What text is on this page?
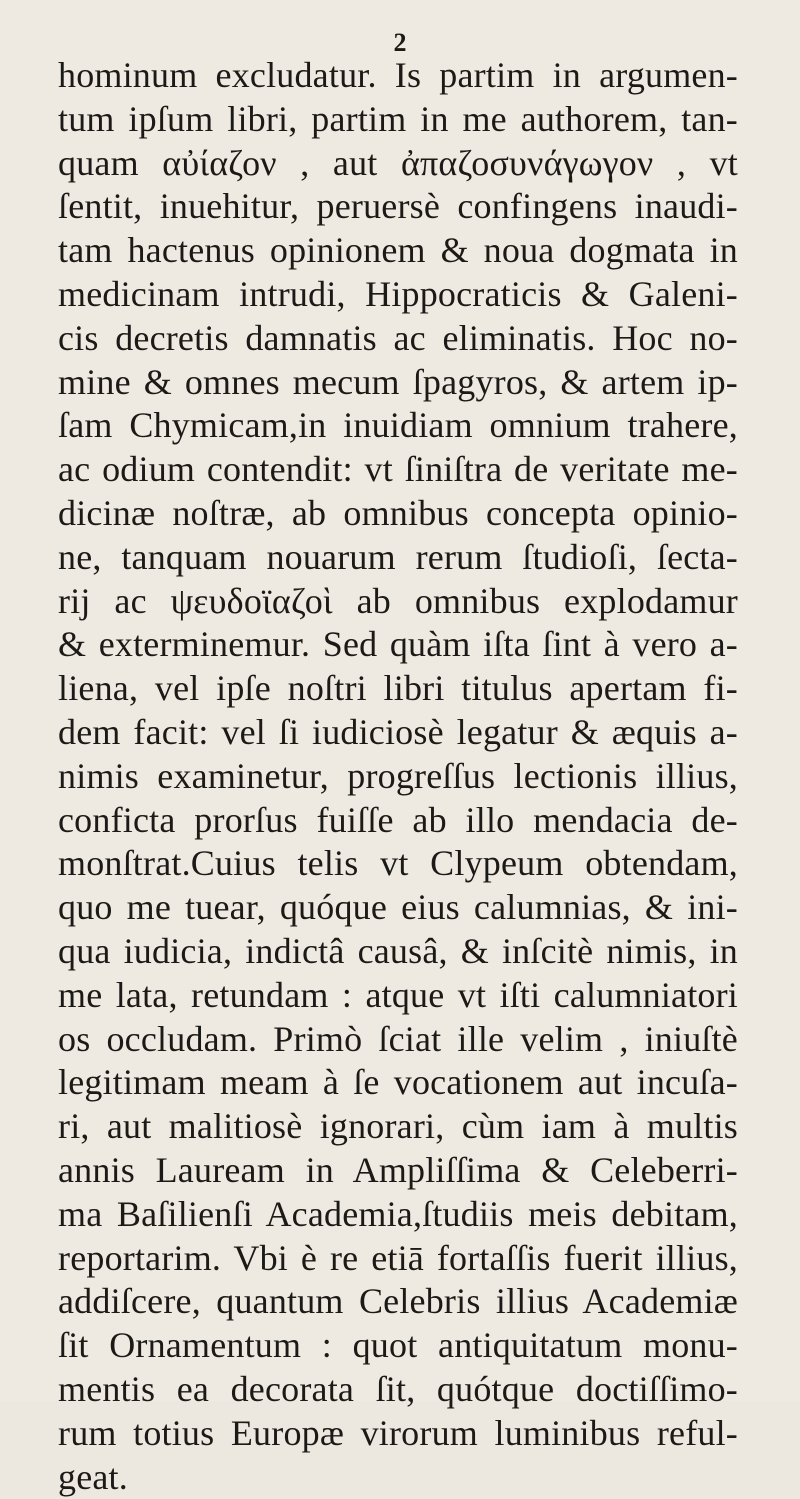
2
hominum excludatur. Is partim in argumen-
tum ipſum libri, partim in me authorem, tan-
quam αὐίαζον , aut ἀπαζοσυνάγωγον , vt
ſentit, inuehitur, peruersè confingens inaudi-
tam hactenus opinionem & noua dogmata in
medicinam intrudi, Hippocraticis & Galeni-
cis decretis damnatis ac eliminatis. Hoc no-
mine & omnes mecum ſpagyros, & artem ip-
ſam Chymicam,in inuidiam omnium trahere,
ac odium contendit: vt ſiniſtra de veritate me-
dicinæ noſtræ, ab omnibus concepta opinio-
ne, tanquam nouarum rerum ſtudioſi, ſecta-
rij ac ψευδοϊαζοὶ ab omnibus explodamur
& exterminemur. Sed quàm iſta ſint à vero a-
liena, vel ipſe noſtri libri titulus apertam fi-
dem facit: vel ſi iudiciosè legatur & æquis a-
nimis examinetur, progreſſus lectionis illius,
confictа prorſus fuiſſe ab illo mendacia de-
monſtrat.Cuius telis vt Clypeum obtendam,
quo me tuear, quóque eius calumnias, & ini-
qua iudicia, indictâ causâ, & inſcitè nimis, in
me lata, retundam : atque vt iſti calumniatori
os occludam. Primò ſciat ille velim , iniuſtè
legitimam meam à ſe vocationem aut incuſa-
ri, aut malitiosè ignorari, cùm iam à multis
annis Lauream in Ampliſſima & Celeberri-
ma Baſilienſi Academia,ſtudiis meis debitam,
reportarim. Vbi è re etiā fortaſſis fuerit illius,
addiſcere, quantum Celebris illius Academiæ
ſit Ornamentum : quot antiquitatum monu-
mentis ea decorata ſit, quótque doctiſſimo-
rum totius Europæ virorum luminibus reful-
geat.
